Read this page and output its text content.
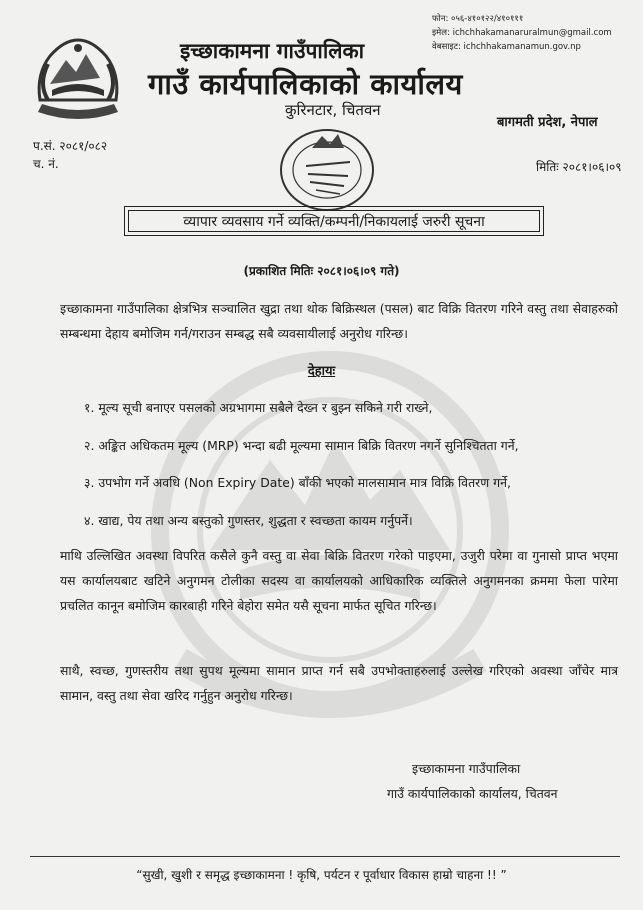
फोन: ०५६-४१०१२२/४१०१११
इमेल: ichchhakamanaruralmun@gmail.com
वेबसाइट: ichchhakamanamun.gov.np
इच्छाकामना गाउँपालिका
गाउँ कार्यपालिकाको कार्यालय
कुरिनटार, चितवन
बागमती प्रदेश, नेपाल
प.सं. २०८१/०८२
च. नं.	मितिः २०८१।०६।०९
व्यापार व्यवसाय गर्ने व्यक्ति/कम्पनी/निकायलाई जरुरी सूचना
(प्रकाशित मितिः २०८१।०६।०९ गते)
इच्छाकामना गाउँपालिका क्षेत्रभित्र सञ्चालित खुद्रा तथा थोक बिक्रिस्थल (पसल) बाट विक्रि वितरण गरिने वस्तु तथा सेवाहरुको सम्बन्धमा देहाय बमोजिम गर्न/गराउन सम्बद्ध सबै व्यवसायीलाई अनुरोध गरिन्छ।
देहायः
१. मूल्य सूची बनाएर पसलको अग्रभागमा सबैले देख्न र बुझ्न सकिने गरी राख्ने,
२. अङ्कित अधिकतम मूल्य (MRP) भन्दा बढी मूल्यमा सामान बिक्रि वितरण नगर्ने सुनिश्चितता गर्ने,
३. उपभोग गर्ने अवधि (Non Expiry Date) बाँकी भएको मालसामान मात्र विक्रि वितरण गर्ने,
४. खाद्य, पेय तथा अन्य बस्तुको गुणस्तर, शुद्धता र स्वच्छता कायम गर्नुपर्ने।
माथि उल्लिखित अवस्था विपरित कसैले कुनै वस्तु वा सेवा बिक्रि वितरण गरेको पाइएमा, उजुरी परेमा वा गुनासो प्राप्त भएमा यस कार्यालयबाट खटिने अनुगमन टोलीका सदस्य वा कार्यालयको आधिकारिक व्यक्तिले अनुगमनका क्रममा फेला पारेमा प्रचलित कानून बमोजिम कारबाही गरिने बेहोरा समेत यसै सूचना मार्फत सूचित गरिन्छ।
साथै, स्वच्छ, गुणस्तरीय तथा सुपथ मूल्यमा सामान प्राप्त गर्न सबै उपभोक्ताहरुलाई उल्लेख गरिएको अवस्था जाँचेर मात्र सामान, वस्तु तथा सेवा खरिद गर्नुहुन अनुरोध गरिन्छ।
इच्छाकामना गाउँपालिका
गाउँ कार्यपालिकाको कार्यालय, चितवन
“सुखी, खुशी र समृद्ध इच्छाकामना ! कृषि, पर्यटन र पूर्वाधार विकास हाम्रो चाहना !! ”
